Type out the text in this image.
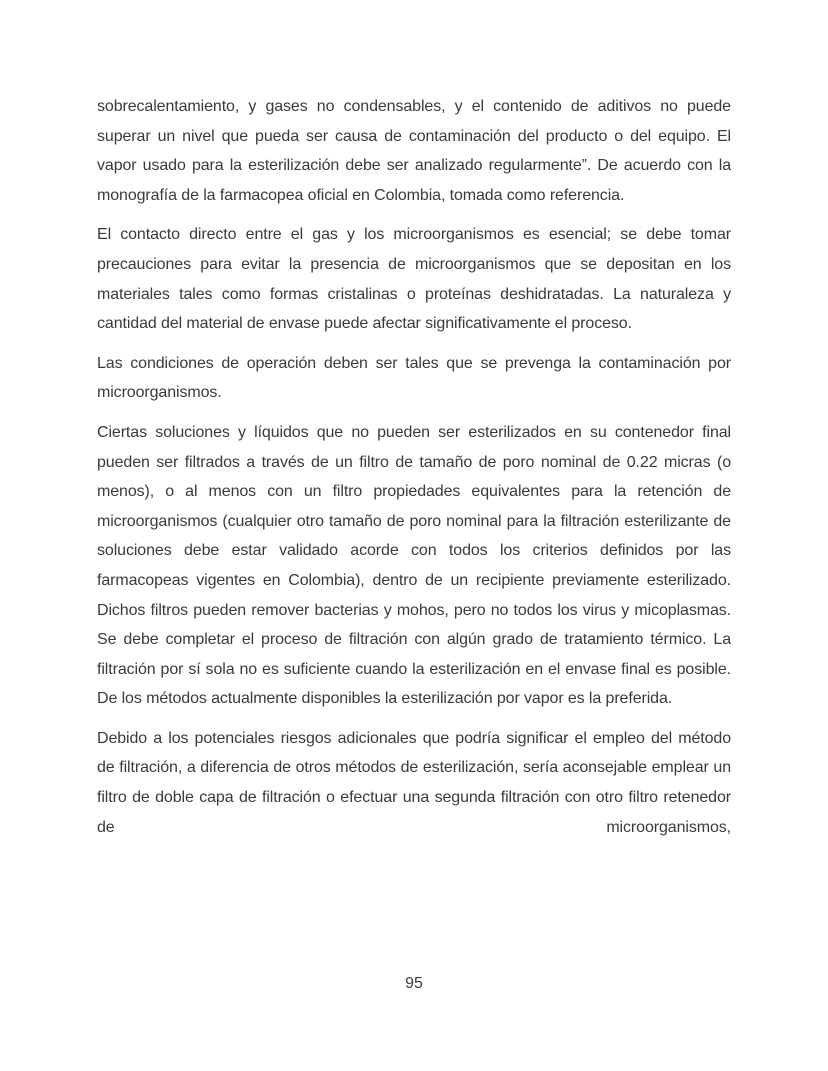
sobrecalentamiento, y gases no condensables, y el contenido de aditivos no puede superar un nivel que pueda ser causa de contaminación del producto o del equipo. El vapor usado para la esterilización debe ser analizado regularmente”. De acuerdo con la monografía de la farmacopea oficial en Colombia, tomada como referencia.

El contacto directo entre el gas y los microorganismos es esencial; se debe tomar precauciones para evitar la presencia de microorganismos que se depositan en los materiales tales como formas cristalinas o proteínas deshidratadas. La naturaleza y cantidad del material de envase puede afectar significativamente el proceso.

Las condiciones de operación deben ser tales que se prevenga la contaminación por microorganismos.

Ciertas soluciones y líquidos que no pueden ser esterilizados en su contenedor final pueden ser filtrados a través de un filtro de tamaño de poro nominal de 0.22 micras (o menos), o al menos con un filtro propiedades equivalentes para la retención de microorganismos (cualquier otro tamaño de poro nominal para la filtración esterilizante de soluciones debe estar validado acorde con todos los criterios definidos por las farmacopeas vigentes en Colombia), dentro de un recipiente previamente esterilizado. Dichos filtros pueden remover bacterias y mohos, pero no todos los virus y micoplasmas. Se debe completar el proceso de filtración con algún grado de tratamiento térmico. La filtración por sí sola no es suficiente cuando la esterilización en el envase final es posible. De los métodos actualmente disponibles la esterilización por vapor es la preferida.

Debido a los potenciales riesgos adicionales que podría significar el empleo del método de filtración, a diferencia de otros métodos de esterilización, sería aconsejable emplear un filtro de doble capa de filtración o efectuar una segunda filtración con otro filtro retenedor de microorganismos,

95
